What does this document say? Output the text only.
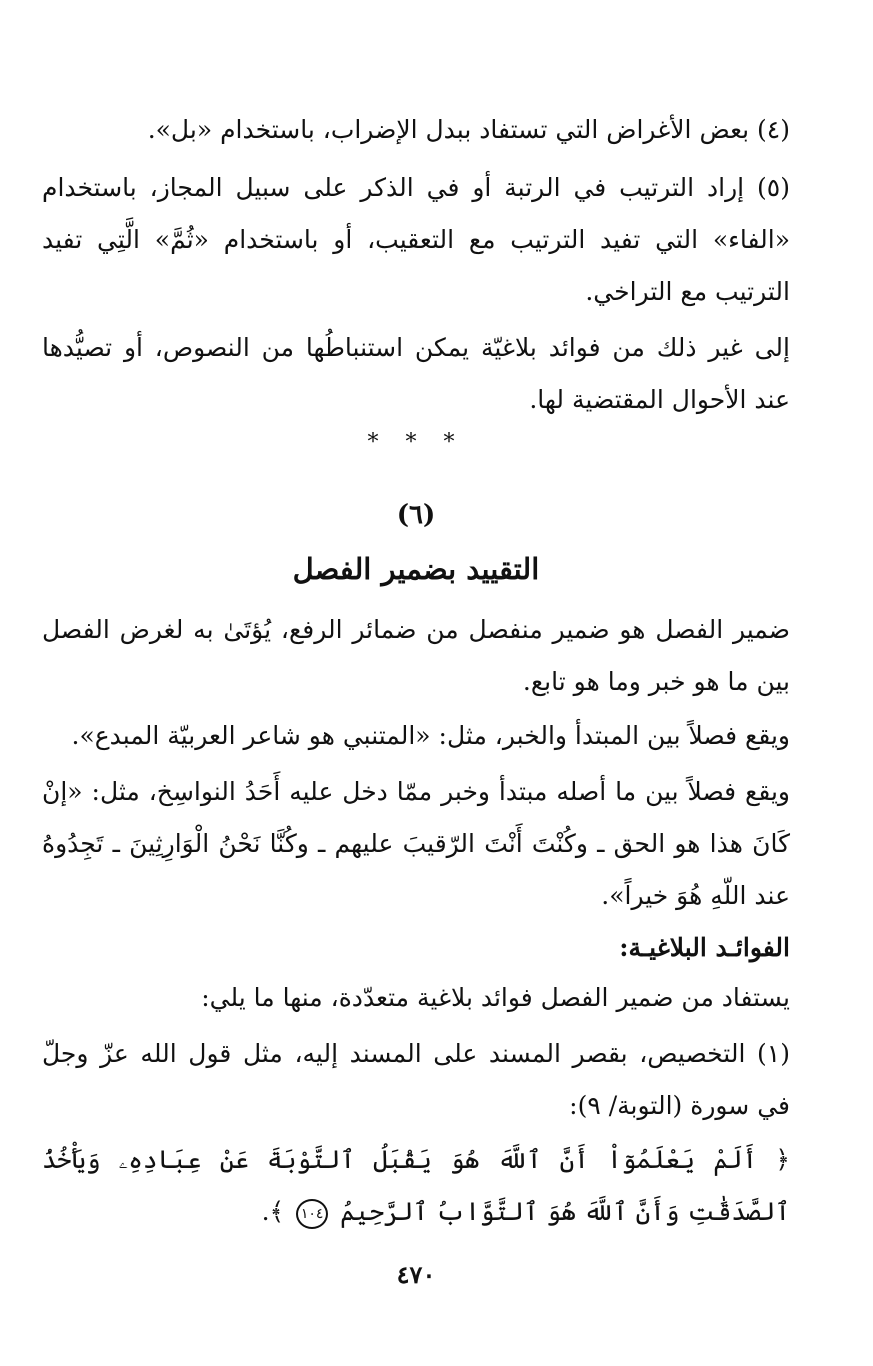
(٤) بعض الأغراض التي تستفاد ببدل الإضراب، باستخدام «بل».

(٥) إراد الترتيب في الرتبة أو في الذكر على سبيل المجاز، باستخدام «الفاء» التي تفيد الترتيب مع التعقيب، أو باستخدام «ثُمَّ» الَّتِي تفيد الترتيب مع التراخي.

إلى غير ذلك من فوائد بلاغيّة يمكن استنباطُها من النصوص، أو تصيُّدها عند الأحوال المقتضية لها.

* * *

(٦)

التقييد بضمير الفصل

ضمير الفصل هو ضمير منفصل من ضمائر الرفع، يُؤتَىٰ به لغرض الفصل بين ما هو خبر وما هو تابع.

ويقع فصلاً بين المبتدأ والخبر، مثل: «المتنبي هو شاعر العربيّة المبدع».

ويقع فصلاً بين ما أصله مبتدأ وخبر ممّا دخل عليه أَحَدُ النواسِخ، مثل: «إنْ كَانَ هذا هو الحق ـ وكُنْتَ أَنْتَ الرّقيبَ عليهم ـ وكُنَّا نَحْنُ الْوَارِثِينَ ـ تَجِدُوهُ عند اللّهِ هُوَ خيراً».

الفوائـد البلاغيـة:

يستفاد من ضمير الفصل فوائد بلاغية متعدّدة، منها ما يلي:

(١) التخصيص، بقصر المسند على المسند إليه، مثل قول الله عزّ وجلّ في سورة (التوبة/ ٩):

﴿ أَلَمْ يَعْلَمُوٓاْ أَنَّ ٱللَّهَ هُوَ يَقْبَلُ ٱلتَّوْبَةَ عَنْ عِبَادِهِۦ وَيَأْخُذُ ٱلصَّدَقَٰتِ وَأَنَّ ٱللَّهَ هُوَ ٱلتَّوَّابُ ٱلرَّحِيمُ ١٠٤ ﴾.

٤٧٠
